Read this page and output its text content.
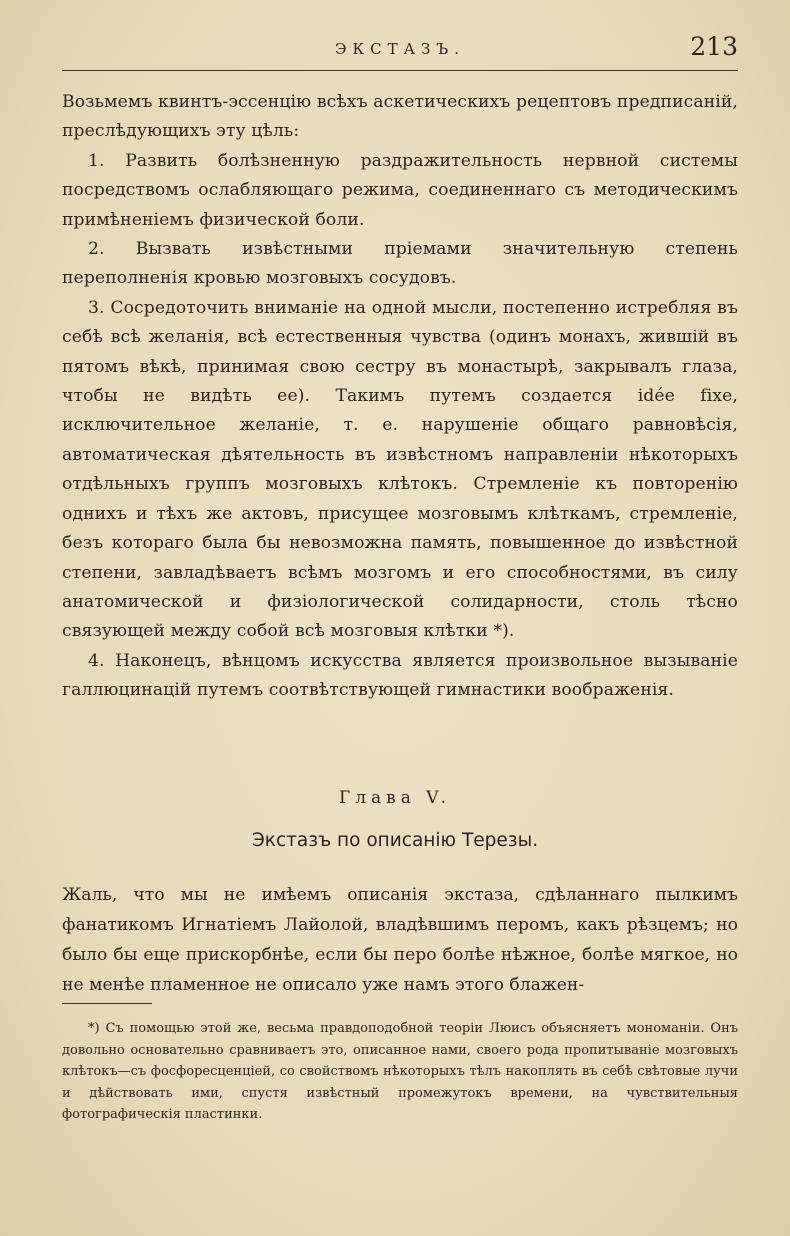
ЭКСТАЗЪ.	213

Возьмемъ квинтъ-эссенцію всѣхъ аскетическихъ рецептовъ предписаній, преслѣдующихъ эту цѣль:

1. Развить болѣзненную раздражительность нервной системы посредствомъ ослабляющаго режима, соединеннаго съ методическимъ примѣненіемъ физической боли.

2. Вызвать извѣстными пріемами значительную степень переполненія кровью мозговыхъ сосудовъ.

3. Сосредоточить вниманіе на одной мысли, постепенно истребляя въ себѣ всѣ желанія, всѣ естественныя чувства (одинъ монахъ, жившій въ пятомъ вѣкѣ, принимая свою сестру въ монастырѣ, закрывалъ глаза, чтобы не видѣть ее). Такимъ путемъ создается idée fixe, исключительное желаніе, т. е. нарушеніе общаго равновѣсія, автоматическая дѣятельность въ извѣстномъ направленіи нѣкоторыхъ отдѣльныхъ группъ мозговыхъ клѣтокъ. Стремленіе къ повторенію однихъ и тѣхъ же актовъ, присущее мозговымъ клѣткамъ, стремленіе, безъ котораго была бы невозможна память, повышенное до извѣстной степени, завладѣваетъ всѣмъ мозгомъ и его способностями, въ силу анатомической и физіологической солидарности, столь тѣсно связующей между собой всѣ мозговыя клѣтки *).

4. Наконецъ, вѣнцомъ искусства является произвольное вызываніе галлюцинацій путемъ соотвѣтствующей гимнастики воображенія.

Глава V.
Экстазъ по описанію Терезы.

Жаль, что мы не имѣемъ описанія экстаза, сдѣланнаго пылкимъ фанатикомъ Игнатіемъ Лайолой, владѣвшимъ перомъ, какъ рѣзцемъ; но было бы еще прискорбнѣе, если бы перо болѣе нѣжное, болѣе мягкое, но не менѣе пламенное не описало уже намъ этого блажен-

*) Съ помощью этой же, весьма правдоподобной теоріи Люисъ объясняетъ мономаніи. Онъ довольно основательно сравниваетъ это, описанное нами, своего рода пропитываніе мозговыхъ клѣтокъ—съ фосфоресценціей, со свойствомъ нѣкоторыхъ тѣлъ накоплять въ себѣ свѣтовые лучи и дѣйствовать ими, спустя извѣстный промежутокъ времени, на чувствительныя фотографическія пластинки.
